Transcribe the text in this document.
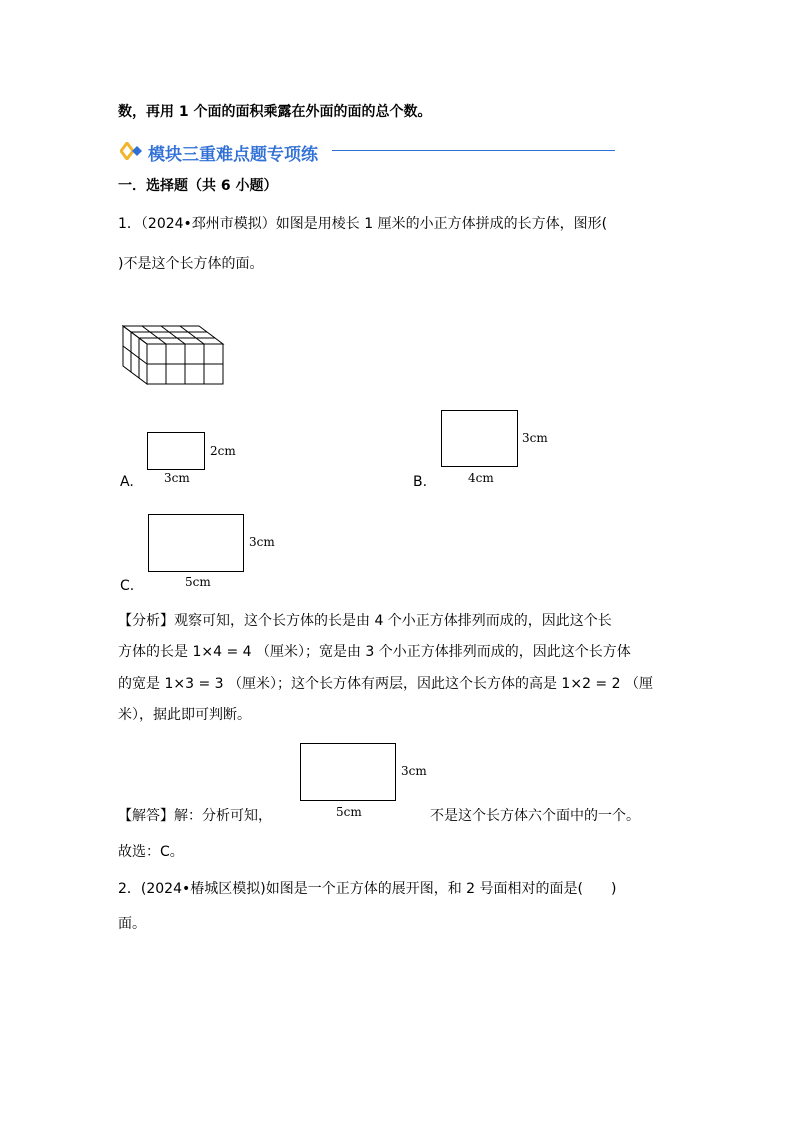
数，再用 1 个面的面积乘露在外面的面的总个数。
模块三重难点题专项练
一．选择题（共 6 小题）
1．（2024•邳州市模拟）如图是用棱长 1 厘米的小正方体拼成的长方体，图形(
)不是这个长方体的面。
A.
2cm
3cm	B.
3cm
4cm
C.
3cm
5cm
【分析】观察可知，这个长方体的长是由 4 个小正方体排列而成的，因此这个长
方体的长是 1×4 = 4 （厘米）；宽是由 3 个小正方体排列而成的，因此这个长方体
的宽是 1×3 = 3 （厘米）；这个长方体有两层，因此这个长方体的高是 1×2 = 2 （厘
米），据此即可判断。
3cm
5cm
【解答】解：分析可知，	不是这个长方体六个面中的一个。
故选：C。
2．(2024•椿城区模拟)如图是一个正方体的展开图，和 2 号面相对的面是(　　)
面。
